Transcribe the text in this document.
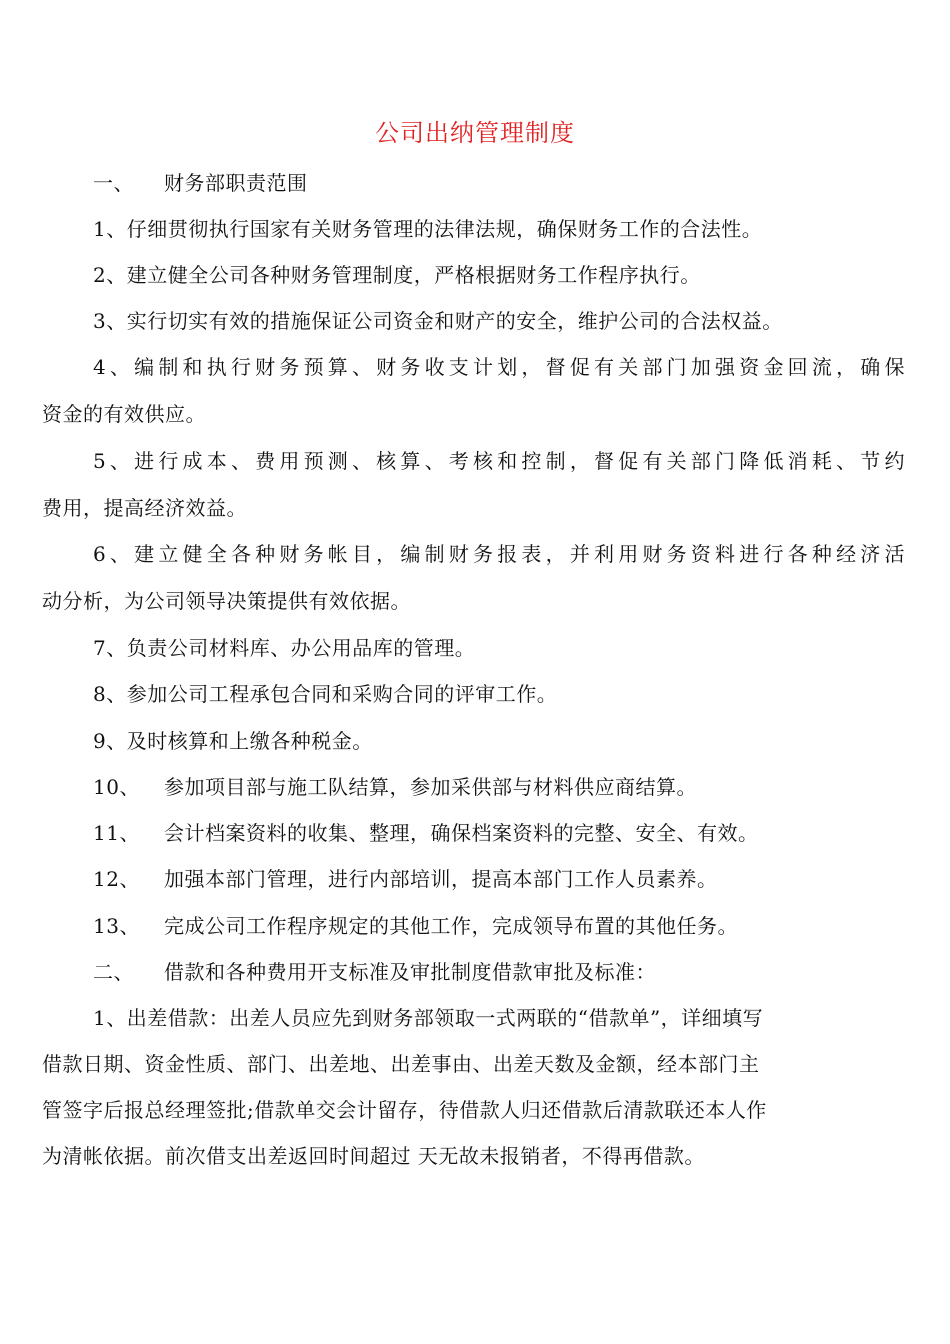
公司出纳管理制度
一、 财务部职责范围
1、仔细贯彻执行国家有关财务管理的法律法规，确保财务工作的合法性。
2、建立健全公司各种财务管理制度，严格根据财务工作程序执行。
3、实行切实有效的措施保证公司资金和财产的安全，维护公司的合法权益。
4、编制和执行财务预算、财务收支计划，督促有关部门加强资金回流，确保
资金的有效供应。
5、进行成本、费用预测、核算、考核和控制，督促有关部门降低消耗、节约
费用，提高经济效益。
6、建立健全各种财务帐目，编制财务报表，并利用财务资料进行各种经济活
动分析，为公司领导决策提供有效依据。
7、负责公司材料库、办公用品库的管理。
8、参加公司工程承包合同和采购合同的评审工作。
9、及时核算和上缴各种税金。
10、 参加项目部与施工队结算，参加采供部与材料供应商结算。
11、 会计档案资料的收集、整理，确保档案资料的完整、安全、有效。
12、 加强本部门管理，进行内部培训，提高本部门工作人员素养。
13、 完成公司工作程序规定的其他工作，完成领导布置的其他任务。
二、 借款和各种费用开支标准及审批制度借款审批及标准：
1、出差借款：出差人员应先到财务部领取一式两联的“借款单”，详细填写
借款日期、资金性质、部门、出差地、出差事由、出差天数及金额，经本部门主
管签字后报总经理签批;借款单交会计留存，待借款人归还借款后清款联还本人作
为清帐依据。前次借支出差返回时间超过 天无故未报销者，不得再借款。
